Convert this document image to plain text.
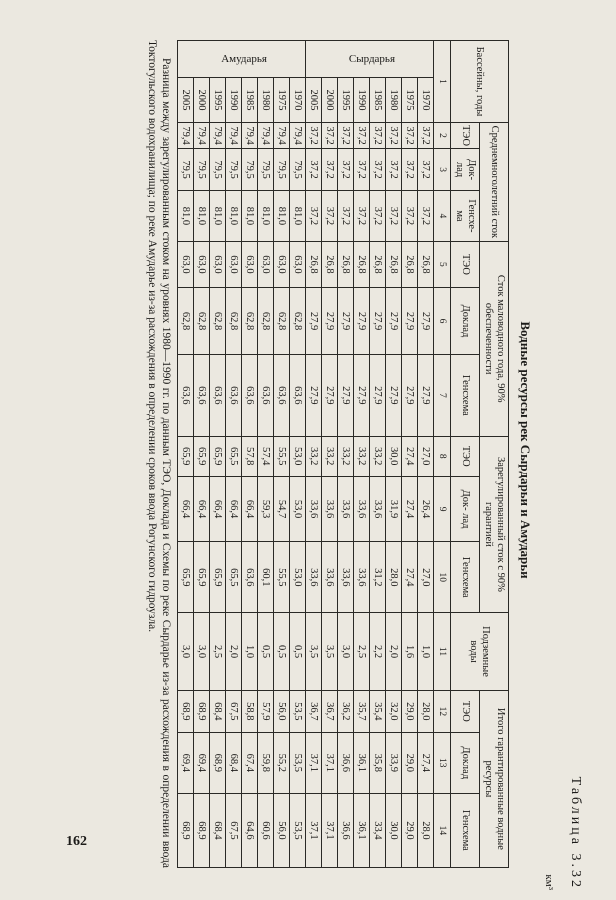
162	Таблица 3.32
км³
Водные ресурсы рек Сырдарьи и Амударьи
Бассейны, годы		Среднемноголетний сток			Сток маловодного года, 90% обеспеченности			Зарегулированный сток с 90% гарантией			Подземные воды	Итого гарантированные водные ресурсы		
		ТЭО	Док- лад	Генсхе- ма	ТЭО	Доклад	Генсхема	ТЭО	Док- лад	Генсхема		ТЭО	Доклад	Генсхема
1		2	3	4	5	6	7	8	9	10	11	12	13	14
Сырдарья	1970	37,2	37,2	37,2	26,8	27,9	27,9	27,0	26,4	27,0	1,0	28,0	27,4	28,0
	1975	37,2	37,2	37,2	26,8	27,9	27,9	27,4	27,4	27,4	1,6	29,0	29,0	29,0
	1980	37,2	37,2	37,2	26,8	27,9	27,9	30,0	31,9	28,0	2,0	32,0	33,9	30,0
	1985	37,2	37,2	37,2	26,8	27,9	27,9	33,2	33,6	31,2	2,2	35,4	35,8	33,4
	1990	37,2	37,2	37,2	26,8	27,9	27,9	33,2	33,6	33,6	2,5	35,7	36,1	36,1
	1995	37,2	37,2	37,2	26,8	27,9	27,9	33,2	33,6	33,6	3,0	36,2	36,6	36,6
	2000	37,2	37,2	37,2	26,8	27,9	27,9	33,2	33,6	33,6	3,5	36,7	37,1	37,1
	2005	37,2	37,2	37,2	26,8	27,9	27,9	33,2	33,6	33,6	3,5	36,7	37,1	37,1
Амударья	1970	79,4	79,5	81,0	63,0	62,8	63,6	53,0	53,0	53,0	0,5	53,5	53,5	53,5
	1975	79,4	79,5	81,0	63,0	62,8	63,6	55,5	54,7	55,5	0,5	56,0	55,2	56,0
	1980	79,4	79,5	81,0	63,0	62,8	63,6	57,4	59,3	60,1	0,5	57,9	59,8	60,6
	1985	79,4	79,5	81,0	63,0	62,8	63,6	57,8	66,4	63,6	1,0	58,8	67,4	64,6
	1990	79,4	79,5	81,0	63,0	62,8	63,6	65,5	66,4	65,5	2,0	67,5	68,4	67,5
	1995	79,4	79,5	81,0	63,0	62,8	63,6	65,9	66,4	65,9	2,5	68,4	68,9	68,4
	2000	79,4	79,5	81,0	63,0	62,8	63,6	65,9	66,4	65,9	3,0	68,9	69,4	68,9
	2005	79,4	79,5	81,0	63,0	62,8	63,6	65,9	66,4	65,9	3,0	68,9	69,4	68,9
Разница между зарегулированным стоком на уровнях 1980—1990 гг. по данным ТЭО, Доклада и Схемы по реке Сырдарье из-за расхождения в определении ввода Токтогульского водохранилища; по реке Амударье из-за расхождения в определении сроков ввода Рогунского гидроузла.
